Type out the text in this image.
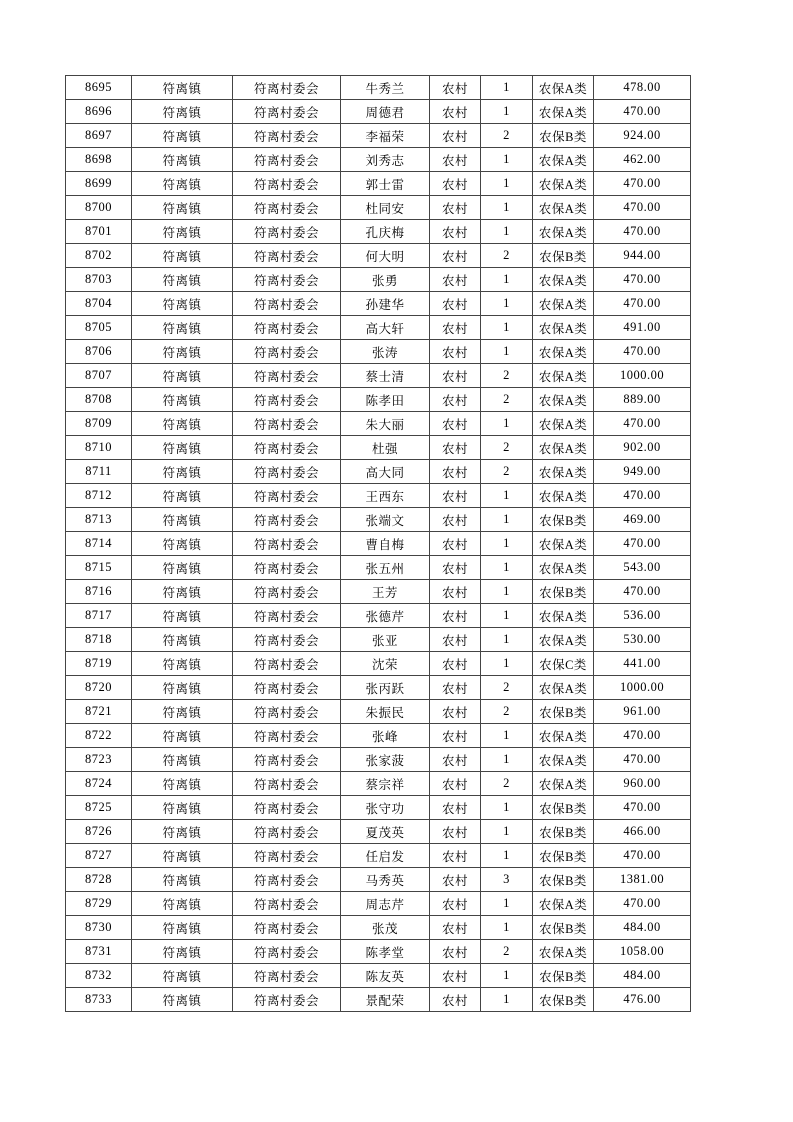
8695	符离镇	符离村委会	牛秀兰	农村	1	农保A类	478.00
8696	符离镇	符离村委会	周德君	农村	1	农保A类	470.00
8697	符离镇	符离村委会	李福荣	农村	2	农保B类	924.00
8698	符离镇	符离村委会	刘秀志	农村	1	农保A类	462.00
8699	符离镇	符离村委会	郭士雷	农村	1	农保A类	470.00
8700	符离镇	符离村委会	杜同安	农村	1	农保A类	470.00
8701	符离镇	符离村委会	孔庆梅	农村	1	农保A类	470.00
8702	符离镇	符离村委会	何大明	农村	2	农保B类	944.00
8703	符离镇	符离村委会	张勇	农村	1	农保A类	470.00
8704	符离镇	符离村委会	孙建华	农村	1	农保A类	470.00
8705	符离镇	符离村委会	高大轩	农村	1	农保A类	491.00
8706	符离镇	符离村委会	张涛	农村	1	农保A类	470.00
8707	符离镇	符离村委会	蔡士清	农村	2	农保A类	1000.00
8708	符离镇	符离村委会	陈孝田	农村	2	农保A类	889.00
8709	符离镇	符离村委会	朱大丽	农村	1	农保A类	470.00
8710	符离镇	符离村委会	杜强	农村	2	农保A类	902.00
8711	符离镇	符离村委会	高大同	农村	2	农保A类	949.00
8712	符离镇	符离村委会	王西东	农村	1	农保A类	470.00
8713	符离镇	符离村委会	张端文	农村	1	农保B类	469.00
8714	符离镇	符离村委会	曹自梅	农村	1	农保A类	470.00
8715	符离镇	符离村委会	张五州	农村	1	农保A类	543.00
8716	符离镇	符离村委会	王芳	农村	1	农保B类	470.00
8717	符离镇	符离村委会	张德芹	农村	1	农保A类	536.00
8718	符离镇	符离村委会	张亚	农村	1	农保A类	530.00
8719	符离镇	符离村委会	沈荣	农村	1	农保C类	441.00
8720	符离镇	符离村委会	张丙跃	农村	2	农保A类	1000.00
8721	符离镇	符离村委会	朱振民	农村	2	农保B类	961.00
8722	符离镇	符离村委会	张峰	农村	1	农保A类	470.00
8723	符离镇	符离村委会	张家菠	农村	1	农保A类	470.00
8724	符离镇	符离村委会	蔡宗祥	农村	2	农保A类	960.00
8725	符离镇	符离村委会	张守功	农村	1	农保B类	470.00
8726	符离镇	符离村委会	夏茂英	农村	1	农保B类	466.00
8727	符离镇	符离村委会	任启发	农村	1	农保B类	470.00
8728	符离镇	符离村委会	马秀英	农村	3	农保B类	1381.00
8729	符离镇	符离村委会	周志芹	农村	1	农保A类	470.00
8730	符离镇	符离村委会	张茂	农村	1	农保B类	484.00
8731	符离镇	符离村委会	陈孝堂	农村	2	农保A类	1058.00
8732	符离镇	符离村委会	陈友英	农村	1	农保B类	484.00
8733	符离镇	符离村委会	景配荣	农村	1	农保B类	476.00
